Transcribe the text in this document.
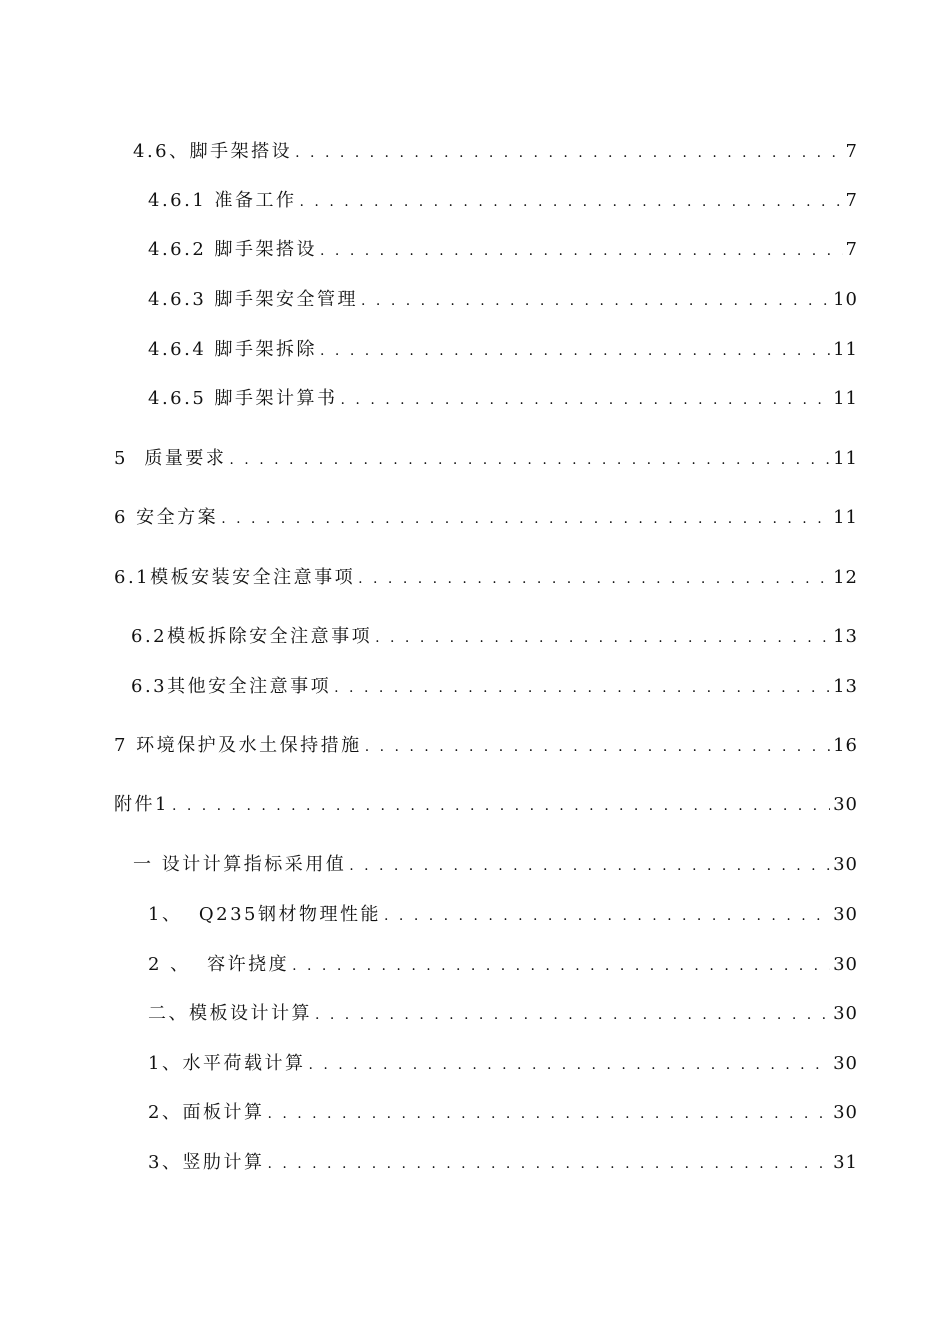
4.6、脚手架搭设 . . .	7
4.6.1 准备工作 . . .	7
4.6.2 脚手架搭设 . . .	7
4.6.3 脚手架安全管理 . . .	10
4.6.4 脚手架拆除 . . .	11
4.6.5 脚手架计算书 . . .	11
5  质量要求 . . .	11
6 安全方案 . . .	11
6.1模板安装安全注意事项 . . .	12
6.2模板拆除安全注意事项 . . .	13
6.3其他安全注意事项 . . .	13
7 环境保护及水土保持措施 . . .	16
附件1 . . .	30
一 设计计算指标采用值 . . .	30
1、  Q235钢材物理性能 . . .	30
2 、  容许挠度 . . .	30
二、模板设计计算 . . .	30
1、水平荷载计算 . . .	30
2、面板计算 . . .	30
3、竖肋计算 . . .	31
